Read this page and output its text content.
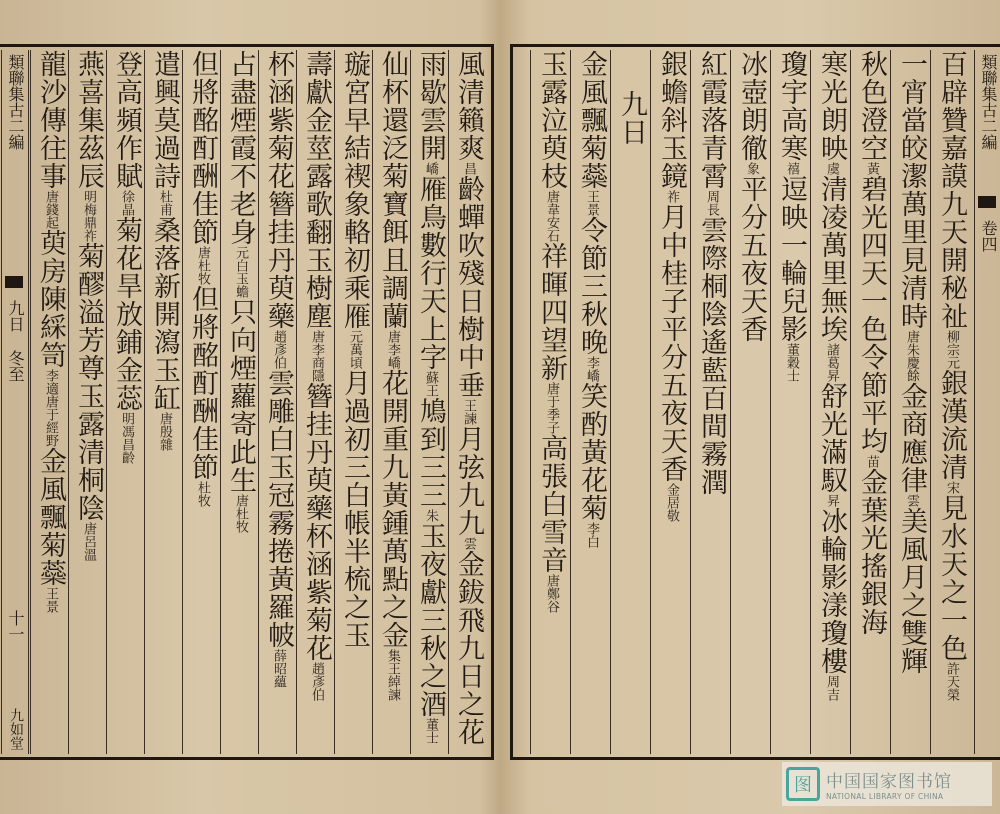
風清籟爽
昌
齡
蟬吹殘日樹中垂
王
諫
月弦九九
雲
金鈸飛九日之花
雨歇雲開
嶠
雁
鳥數行天上字
蘇
王
鳩到三三
朱
玉夜獻三秋之酒
董
士
仙杯還泛菊
寶餌且調蘭
唐
李
嶠
花開重九
黃鍾萬點之金
集王綽諫
璇宮早結禊
象輅初乘雁
元萬頃
月過初三
白帳半梳之玉
壽獻金莖露
歌翻玉樹塵
唐
李商隱
簪挂丹萸
藥杯涵紫菊花
趙彥伯
杯涵紫菊花
簪挂丹萸藥
趙彥伯
雲雕白玉冠
霧捲黃羅帔
薛昭蘊
占盡煙霞不老身
元
白
玉蟾
只向煙蘿寄此生
唐
杜
牧
但將酩酊酬佳節
唐
杜
牧
但將酩酊酬佳節
杜
牧
遣興莫過詩
杜
甫
桑落新開瀉玉缸
唐
殷
雜
登高頻作賦
徐
晶
菊花旱放鋪金蕊
明
馮
昌
齡
燕喜集茲辰
明
梅鼎祚
菊醪溢芳尊
玉露清桐陰
唐
呂
溫
龍沙傳往事
唐
錢
起
萸房陳綵笥
李
適
唐于經野
金風飄菊蘂
王
景
類聯集古二編
九日
冬至
十一
九如堂
百辟贊嘉謨九天開秘祉
柳宗元
銀漢流清
宋
見水天之一色
許
天
榮
一宵當皎潔萬里見清時
唐
朱
慶
餘
金商應律
雲
美風月之雙輝
秋色澄空
黃
碧光四天一色
令節平均
苗
金葉光搖銀海
寒光朗映
虞
清凌萬里無埃
諸
葛
昇
舒光滿馭
昇
冰輪影漾瓊樓
周
吉
瓊宇高寒
禧
逗映一輪兒影
董
穀
士
冰壺朗徹
象
平分五夜天香
紅霞落青霄
周
長
雲際桐陰遙藍百間霧潤
銀蟾斜玉鏡
祚
月中桂子平分五夜天香
金居敬
九日
金風飄菊蘂
王
景
令節三秋晚
李
嶠
笑酌黃花菊
李
白
玉露泣萸枝
唐
韋
安
石
祥暉四望新
唐
于
季
子
高張白雪音
唐
鄭
谷
類聯集古二編
卷四
图 中国国家图书馆
NATIONAL LIBRARY OF CHINA
